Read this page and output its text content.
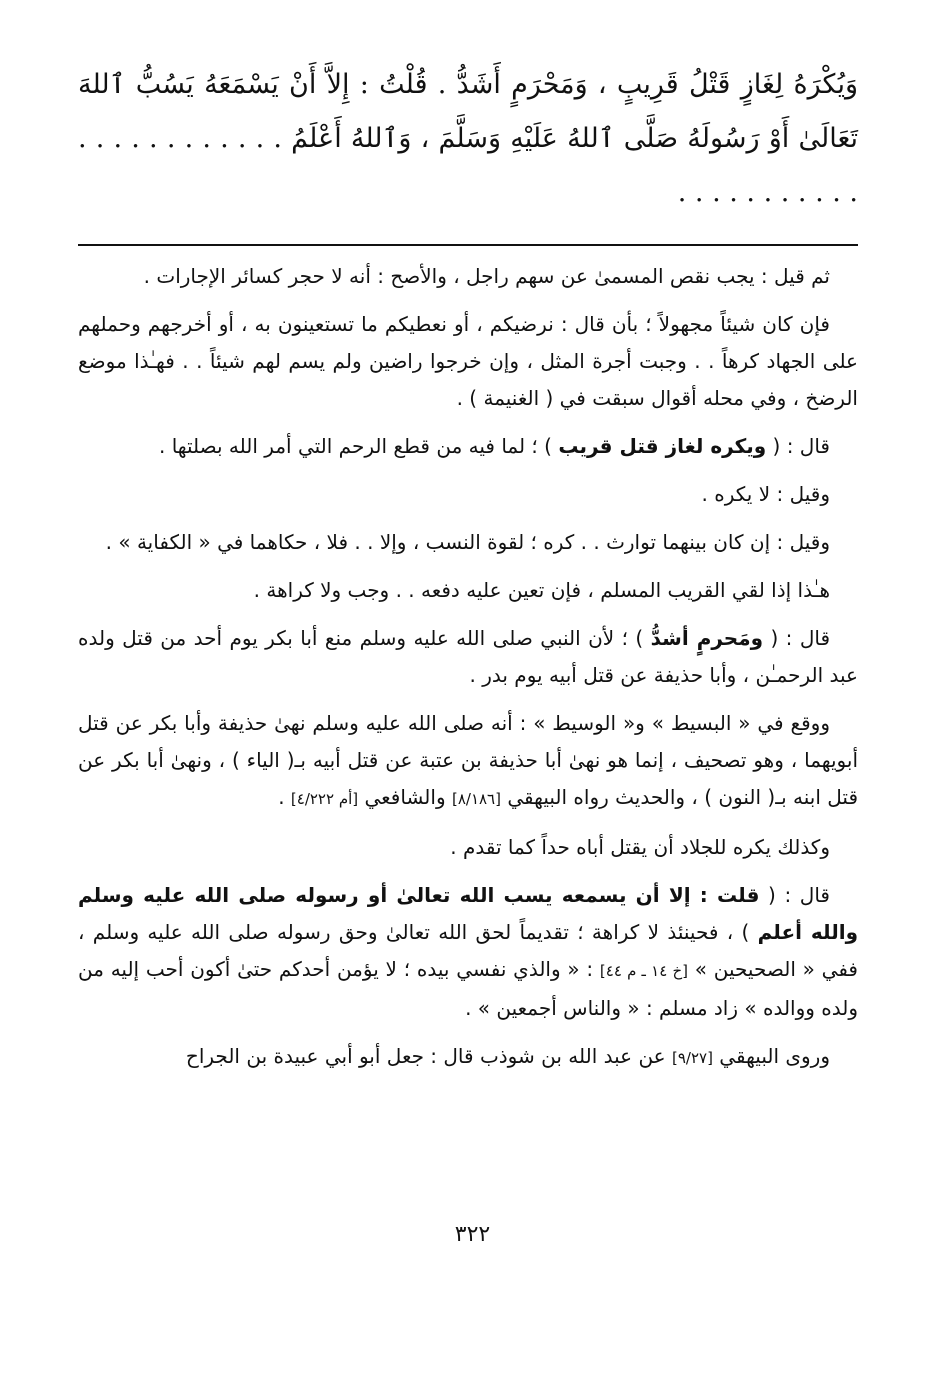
وَيُكْرَهُ لِغَازٍ قَتْلُ قَرِيبٍ ، وَمَحْرَمٍ أَشَدُّ . قُلْتُ : إِلاَّ أَنْ يَسْمَعَهُ يَسُبُّ ٱللهَ تَعَالَىٰ أَوْ رَسُولَهُ صَلَّى ٱللهُ عَلَيْهِ وَسَلَّمَ ، وَٱللهُ أَعْلَمُ . . . . . . . . . . . . . . . . . . . . . . .

ثم قيل : يجب نقص المسمىٰ عن سهم راجل ، والأصح : أنه لا حجر كسائر الإجارات .

فإن كان شيئاً مجهولاً ؛ بأن قال : نرضيكم ، أو نعطيكم ما تستعينون به ، أو أخرجهم وحملهم على الجهاد كرهاً . . وجبت أجرة المثل ، وإن خرجوا راضين ولم يسم لهم شيئاً . . فهـٰذا موضع الرضخ ، وفي محله أقوال سبقت في ( الغنيمة ) .

قال : ( ويكره لغاز قتل قريب ) ؛ لما فيه من قطع الرحم التي أمر الله بصلتها .

وقيل : لا يكره .

وقيل : إن كان بينهما توارث . . كره ؛ لقوة النسب ، وإلا . . فلا ، حكاهما في « الكفاية » .

هـٰذا إذا لقي القريب المسلم ، فإن تعين عليه دفعه . . وجب ولا كراهة .

قال : ( ومَحرمٍ أشدُّ ) ؛ لأن النبي صلى الله عليه وسلم منع أبا بكر يوم أحد من قتل ولده عبد الرحمـٰن ، وأبا حذيفة عن قتل أبيه يوم بدر .

ووقع في « البسيط » و« الوسيط » : أنه صلى الله عليه وسلم نهىٰ حذيفة وأبا بكر عن قتل أبويهما ، وهو تصحيف ، إنما هو نهىٰ أبا حذيفة بن عتبة عن قتل أبيه بـ( الياء ) ، ونهىٰ أبا بكر عن قتل ابنه بـ( النون ) ، والحديث رواه البيهقي [٨/١٨٦] والشافعي [أم ٤/٢٢٢] .

وكذلك يكره للجلاد أن يقتل أباه حداً كما تقدم .

قال : ( قلت : إلا أن يسمعه يسب الله تعالىٰ أو رسوله صلى الله عليه وسلم والله أعلم ) ، فحينئذ لا كراهة ؛ تقديماً لحق الله تعالىٰ وحق رسوله صلى الله عليه وسلم ، ففي « الصحيحين » [خ ١٤ ـ م ٤٤] : « والذي نفسي بيده ؛ لا يؤمن أحدكم حتىٰ أكون أحب إليه من ولده ووالده » زاد مسلم : « والناس أجمعين » .

وروى البيهقي [٩/٢٧] عن عبد الله بن شوذب قال : جعل أبو أبي عبيدة بن الجراح

٣٢٢
